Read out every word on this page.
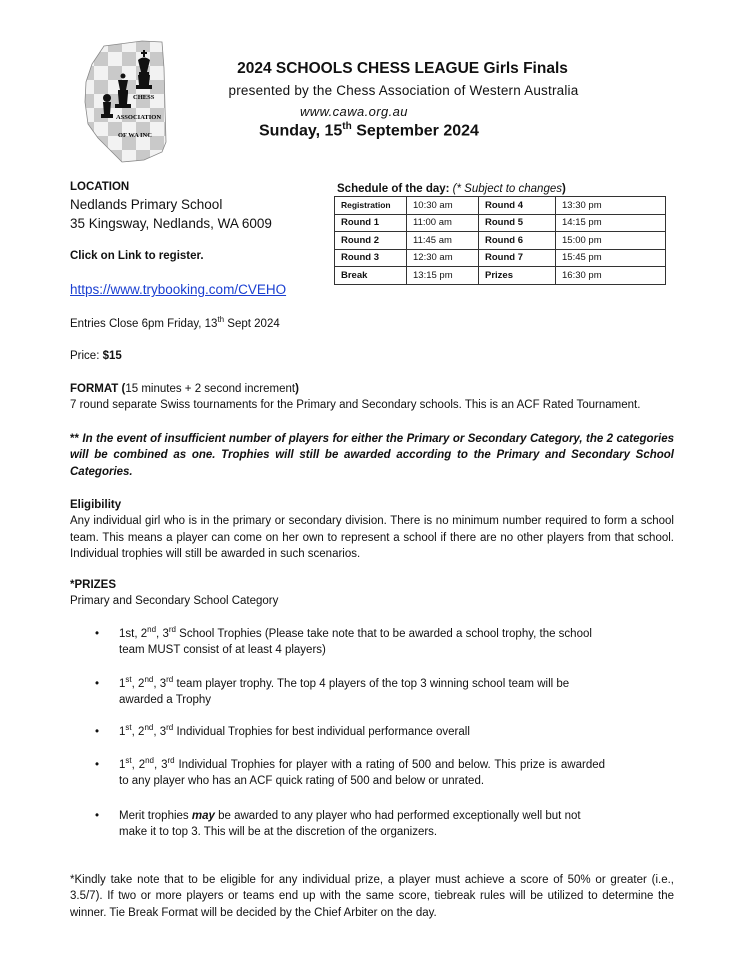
CHESS
ASSOCIATION
OF WA INC
2024 SCHOOLS CHESS LEAGUE Girls Finals
presented by the Chess Association of Western Australia
www.cawa.org.au
Sunday, 15th September 2024
LOCATION
Nedlands Primary School
35 Kingsway, Nedlands, WA 6009
Click on Link to register.
https://www.trybooking.com/CVEHO
Entries Close 6pm Friday, 13th Sept 2024
Price: $15
Schedule of the day: (* Subject to changes)
Registration	10:30 am	Round 4	13:30 pm
Round 1	11:00 am	Round 5	14:15 pm
Round 2	11:45 am	Round 6	15:00 pm
Round 3	12:30 am	Round 7	15:45 pm
Break	13:15 pm	Prizes	16:30 pm
FORMAT (15 minutes + 2 second increment)
7 round separate Swiss tournaments for the Primary and Secondary schools. This is an ACF Rated Tournament.
** In the event of insufficient number of players for either the Primary or Secondary Category, the 2 categories will be combined as one. Trophies will still be awarded according to the Primary and Secondary School Categories.
Eligibility
Any individual girl who is in the primary or secondary division. There is no minimum number required to form a school team. This means a player can come on her own to represent a school if there are no other players from that school. Individual trophies will still be awarded in such scenarios.
*PRIZES
Primary and Secondary School Category
• 1st, 2nd, 3rd School Trophies (Please take note that to be awarded a school trophy, the school team MUST consist of at least 4 players)
• 1st, 2nd, 3rd team player trophy. The top 4 players of the top 3 winning school team will be awarded a Trophy
• 1st, 2nd, 3rd Individual Trophies for best individual performance overall
• 1st, 2nd, 3rd Individual Trophies for player with a rating of 500 and below. This prize is awarded to any player who has an ACF quick rating of 500 and below or unrated.
• Merit trophies may be awarded to any player who had performed exceptionally well but not make it to top 3. This will be at the discretion of the organizers.
*Kindly take note that to be eligible for any individual prize, a player must achieve a score of 50% or greater (i.e., 3.5/7). If two or more players or teams end up with the same score, tiebreak rules will be utilized to determine the winner. Tie Break Format will be decided by the Chief Arbiter on the day.
